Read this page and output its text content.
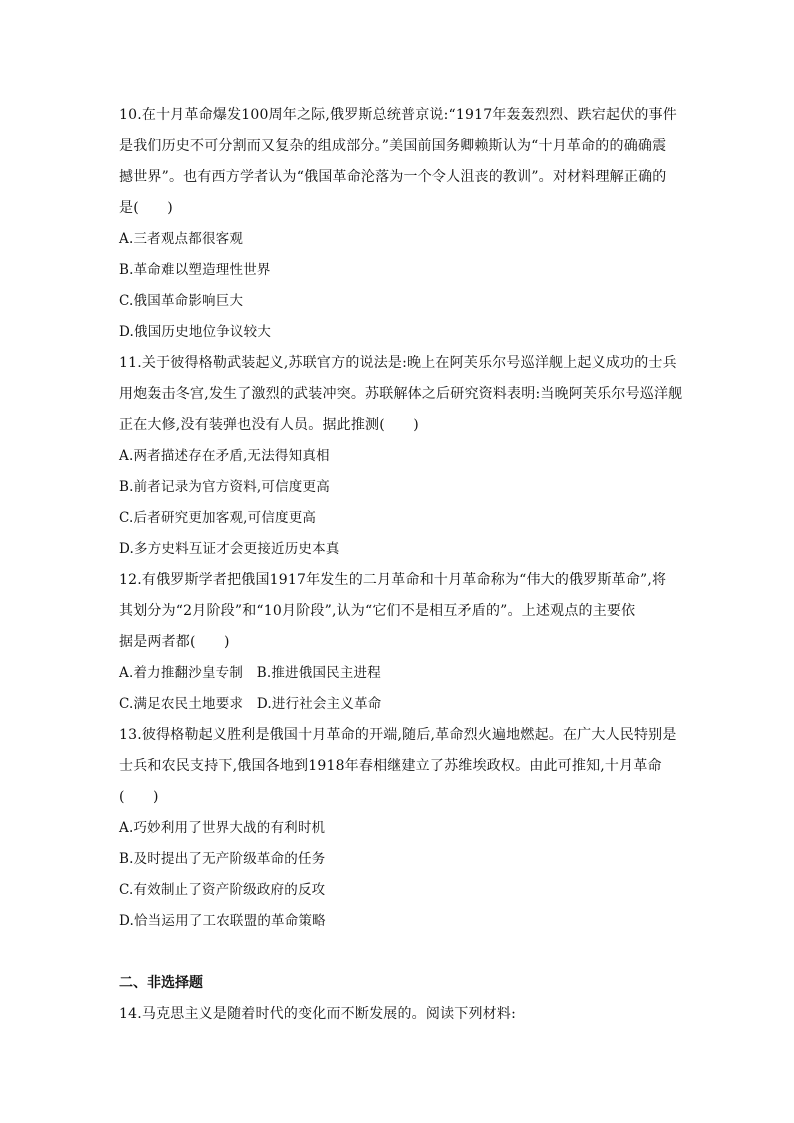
10.在十月革命爆发100周年之际,俄罗斯总统普京说:“1917年轰轰烈烈、跌宕起伏的事件
是我们历史不可分割而又复杂的组成部分。”美国前国务卿赖斯认为“十月革命的的确确震
撼世界”。也有西方学者认为“俄国革命沦落为一个令人沮丧的教训”。对材料理解正确的
是(　　)
A.三者观点都很客观
B.革命难以塑造理性世界
C.俄国革命影响巨大
D.俄国历史地位争议较大
11.关于彼得格勒武装起义,苏联官方的说法是:晚上在阿芙乐尔号巡洋舰上起义成功的士兵
用炮轰击冬宫,发生了激烈的武装冲突。苏联解体之后研究资料表明:当晚阿芙乐尔号巡洋舰
正在大修,没有装弹也没有人员。据此推测(　　)
A.两者描述存在矛盾,无法得知真相
B.前者记录为官方资料,可信度更高
C.后者研究更加客观,可信度更高
D.多方史料互证才会更接近历史本真
12.有俄罗斯学者把俄国1917年发生的二月革命和十月革命称为“伟大的俄罗斯革命”,将
其划分为“2月阶段”和“10月阶段”,认为“它们不是相互矛盾的”。上述观点的主要依
据是两者都(　　)
A.着力推翻沙皇专制　B.推进俄国民主进程
C.满足农民土地要求　D.进行社会主义革命
13.彼得格勒起义胜利是俄国十月革命的开端,随后,革命烈火遍地燃起。在广大人民特别是
士兵和农民支持下,俄国各地到1918年春相继建立了苏维埃政权。由此可推知,十月革命
(　　)
A.巧妙利用了世界大战的有利时机
B.及时提出了无产阶级革命的任务
C.有效制止了资产阶级政府的反攻
D.恰当运用了工农联盟的革命策略
二、非选择题
14.马克思主义是随着时代的变化而不断发展的。阅读下列材料:
